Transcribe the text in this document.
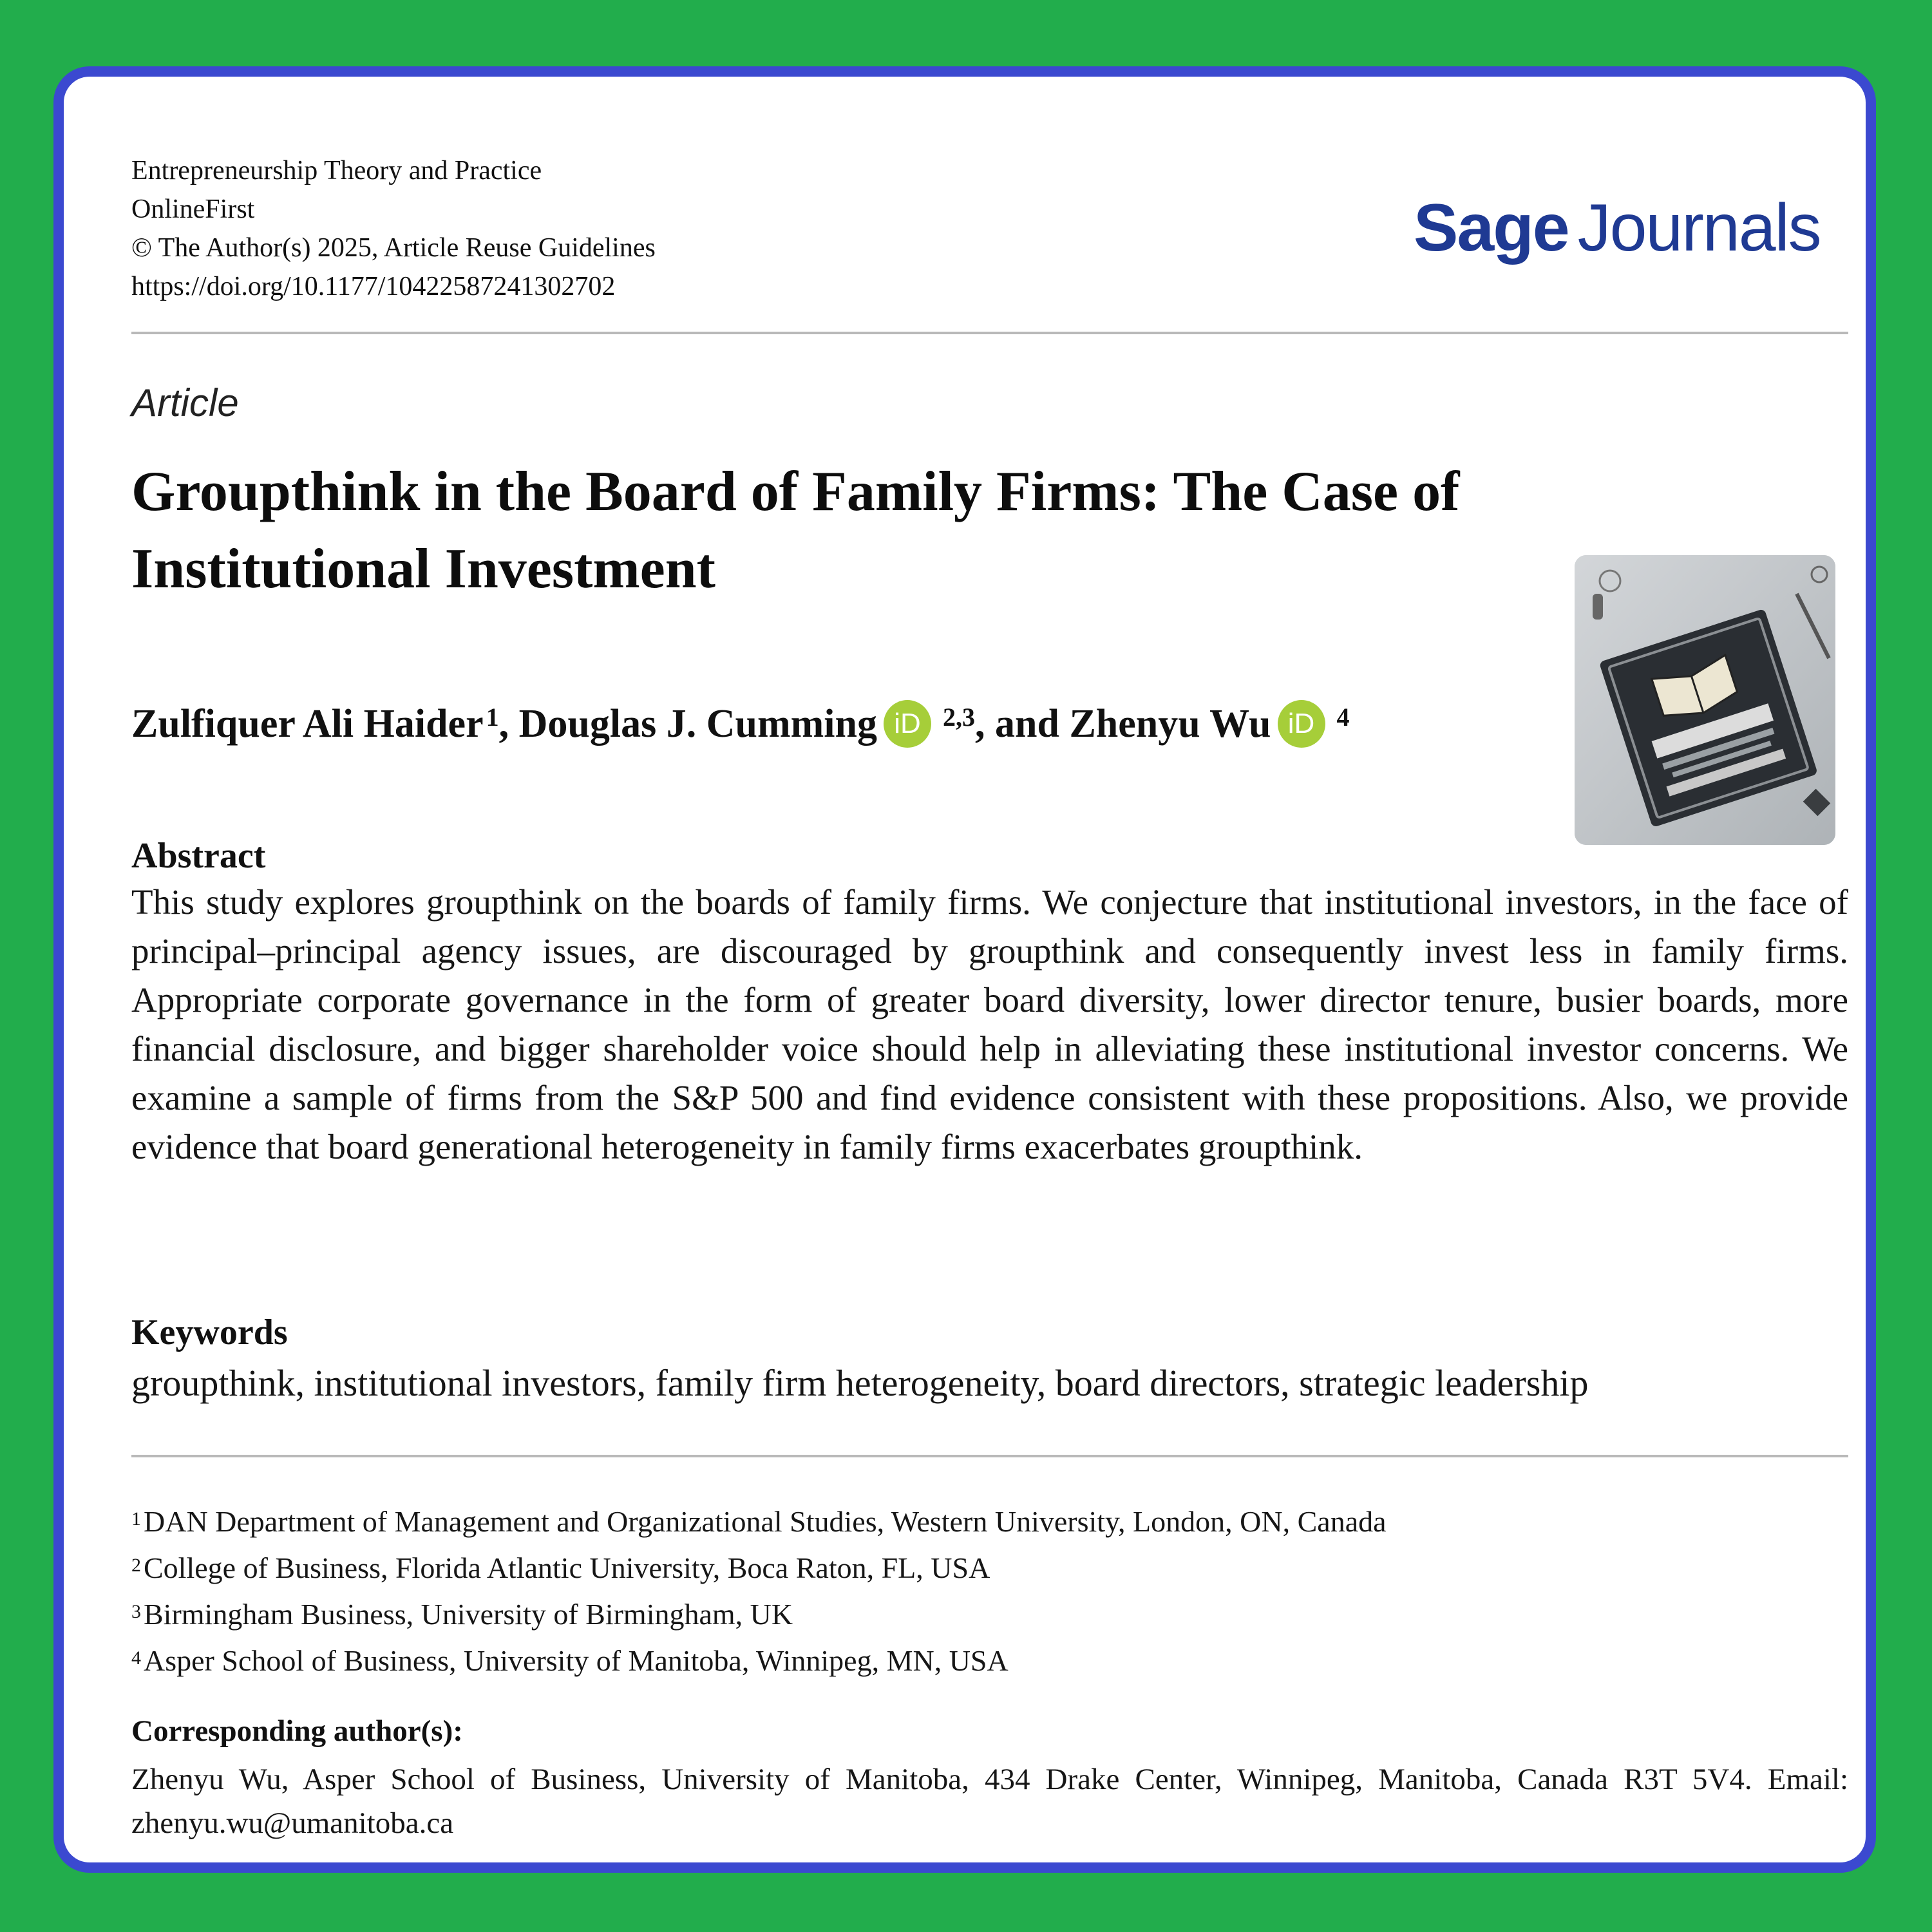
Entrepreneurship Theory and Practice
OnlineFirst
© The Author(s) 2025, Article Reuse Guidelines
https://doi.org/10.1177/10422587241302702
Sage Journals
Article
Groupthink in the Board of Family Firms: The Case of Institutional Investment
Zulfiquer Ali Haider $^1$, Douglas J. Cumming iD $^{2,3}$, and Zhenyu Wu iD $^4$
Abstract

This study explores groupthink on the boards of family firms. We conjecture that institutional investors, in the face of principal–principal agency issues, are discouraged by groupthink and consequently invest less in family firms. Appropriate corporate governance in the form of greater board diversity, lower director tenure, busier boards, more financial disclosure, and bigger shareholder voice should help in alleviating these institutional investor concerns. We examine a sample of firms from the S&P 500 and find evidence consistent with these propositions. Also, we provide evidence that board generational heterogeneity in family firms exacerbates groupthink.

Keywords
groupthink, institutional investors, family firm heterogeneity, board directors, strategic leadership
$^1$DAN Department of Management and Organizational Studies, Western University, London, ON, Canada
$^2$College of Business, Florida Atlantic University, Boca Raton, FL, USA
$^3$Birmingham Business, University of Birmingham, UK
$^4$Asper School of Business, University of Manitoba, Winnipeg, MN, USA
Corresponding author(s):

Zhenyu Wu, Asper School of Business, University of Manitoba, 434 Drake Center, Winnipeg, Manitoba, Canada R3T 5V4. Email: zhenyu.wu@umanitoba.ca
